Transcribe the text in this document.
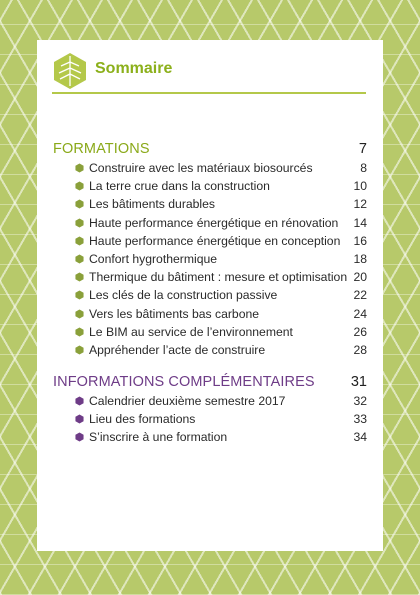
Sommaire
FORMATIONS	7
Construire avec les matériaux biosourcés	8
La terre crue dans la construction	10
Les bâtiments durables	12
Haute performance énergétique en rénovation 14
Haute performance énergétique en conception 16
Confort hygrothermique	18
Thermique du bâtiment : mesure et optimisation 20
Les clés de la construction passive	22
Vers les bâtiments bas carbone	24
Le BIM au service de l’environnement	26
Appréhender l’acte de construire	28
INFORMATIONS COMPLÉMENTAIRES 31
Calendrier deuxième semestre 2017	32
Lieu des formations	33
S’inscrire à une formation	34
